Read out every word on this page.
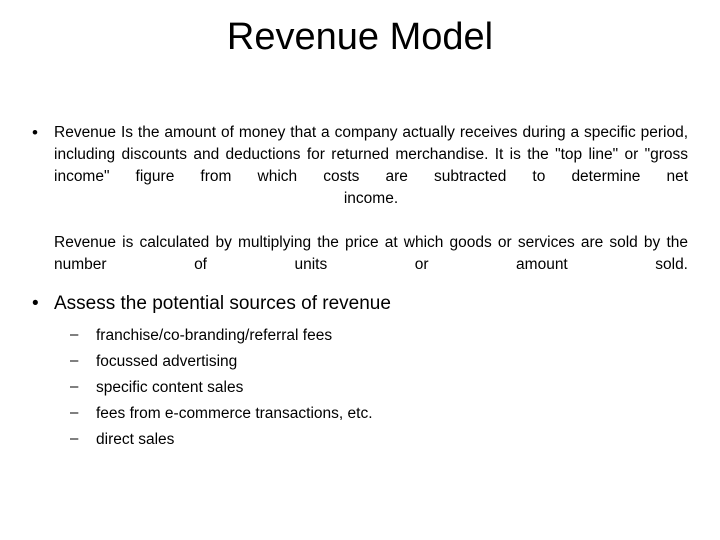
Revenue Model
•	Revenue Is the amount of money that a company actually receives during a specific period, including discounts and deductions for returned merchandise. It is the "top line" or "gross income" figure from which costs are subtracted to determine net
income.
Revenue is calculated by multiplying the price at which goods or services are sold by the number of units or amount sold.
• Assess the potential sources of revenue
–	franchise/co-branding/referral fees
–	focussed advertising
–	specific content sales
–	fees from e-commerce transactions, etc.
–	direct sales
